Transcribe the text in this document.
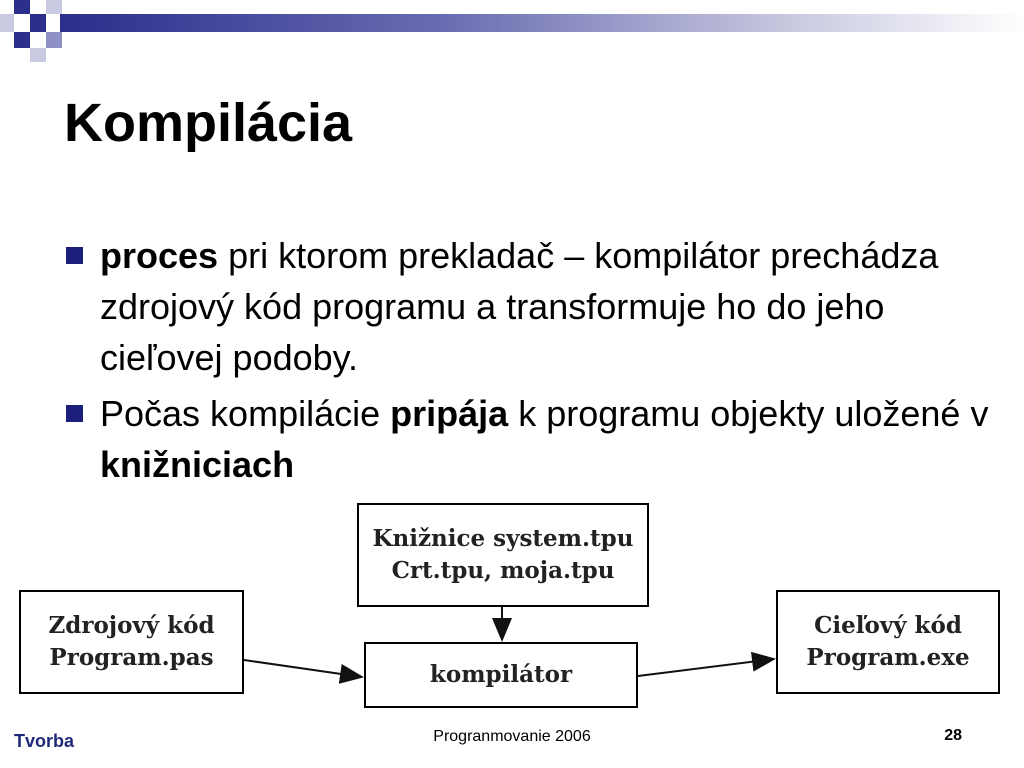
Kompilácia
proces pri ktorom prekladač – kompilátor prechádza zdrojový kód programu a transformuje ho do jeho cieľovej podoby.
Počas kompilácie pripája k programu objekty uložené v knižniciach
Knižnice system.tpu
Crt.tpu, moja.tpu
Zdrojový kód
Program.pas
kompilátor
Cieľový kód
Program.exe
Tvorba	Progranmovanie 2006	28
